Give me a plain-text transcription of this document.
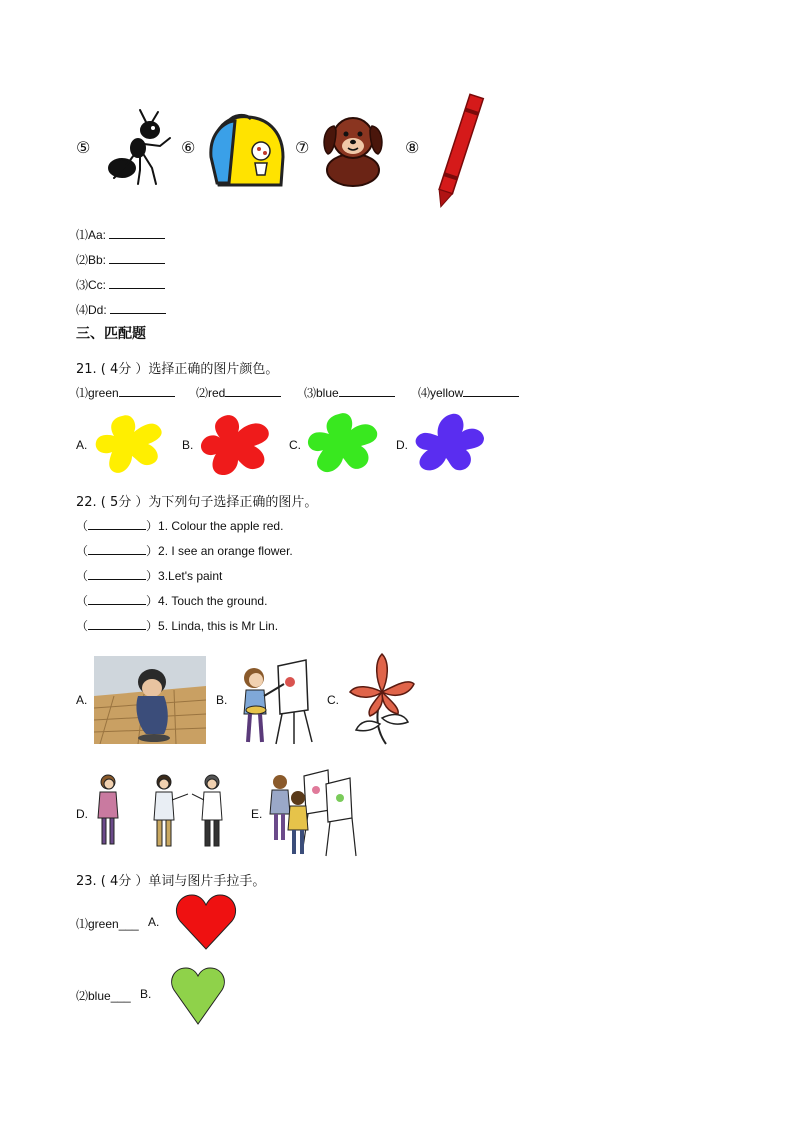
⑤	⑥	⑦	⑧
⑴Aa:
⑵Bb:
⑶Cc:
⑷Dd:
三、匹配题
21. ( 4分 ）选择正确的图片颜色。
⑴green	⑵red	⑶blue	⑷yellow
A.	B.	C.	D.
22. ( 5分 ）为下列句子选择正确的图片。
（	）1. Colour the apple red.
（	）2. I see an orange flower.
（	）3.Let's paint
（	）4. Touch the ground.
（	）5. Linda, this is Mr Lin.
A.	B.	C.
D.	E.
23. ( 4分 ）单词与图片手拉手。
⑴green___ A.
⑵blue___ B.
